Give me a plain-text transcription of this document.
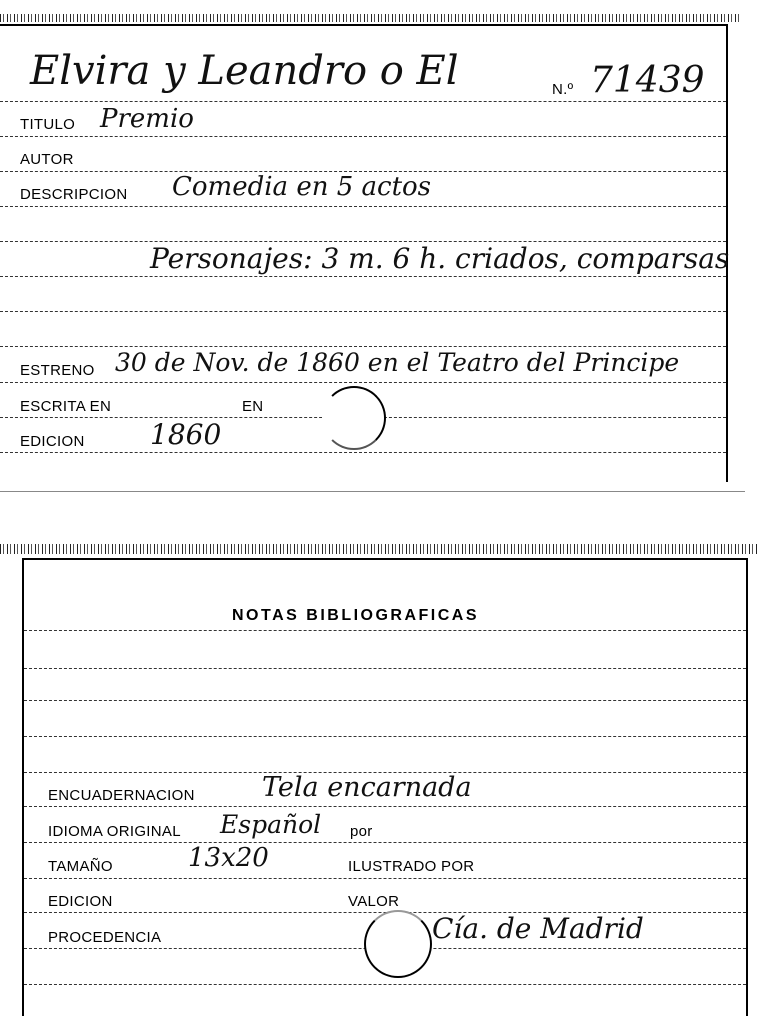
Elvira y Leandro o El	N.º 71439
TITULO Premio
AUTOR
DESCRIPCION Comedia en 5 actos
Personajes: 3 m. 6 h. criados, comparsas
ESTRENO 30 de Nov. de 1860 en el Teatro del Principe
ESCRITA EN	EN
EDICION 1860
NOTAS BIBLIOGRAFICAS
ENCUADERNACION Tela encarnada
IDIOMA ORIGINAL Español por
TAMAÑO	13x20	ILUSTRADO POR
EDICION	VALOR
PROCEDENCIA	Cía. de Madrid
